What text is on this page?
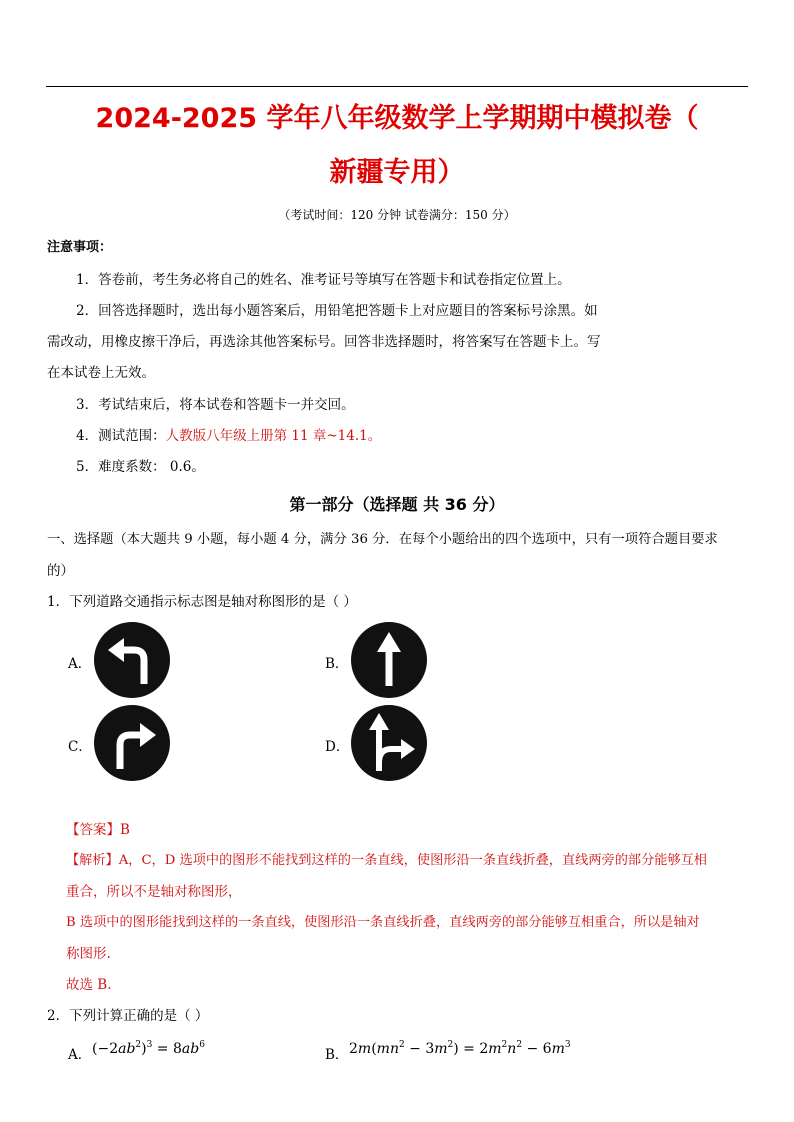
2024-2025 学年八年级数学上学期期中模拟卷（
新疆专用）
（考试时间：120 分钟 试卷满分：150 分）
注意事项：
1．答卷前，考生务必将自己的姓名、准考证号等填写在答题卡和试卷指定位置上。
2．回答选择题时，选出每小题答案后，用铅笔把答题卡上对应题目的答案标号涂黑。如
需改动，用橡皮擦干净后，再选涂其他答案标号。回答非选择题时，将答案写在答题卡上。写
在本试卷上无效。
3．考试结束后，将本试卷和答题卡一并交回。
4．测试范围：人教版八年级上册第 11 章~14.1。
5．难度系数： 0.6。
第一部分（选择题 共 36 分）
一、选择题（本大题共 9 小题，每小题 4 分，满分 36 分．在每个小题给出的四个选项中，只有一项符合题目要求
的）
1．下列道路交通指示标志图是轴对称图形的是（ ）
A．	B．
C．	D．
【答案】B
【解析】A，C，D 选项中的图形不能找到这样的一条直线，使图形沿一条直线折叠，直线两旁的部分能够互相
重合，所以不是轴对称图形，
B 选项中的图形能找到这样的一条直线，使图形沿一条直线折叠，直线两旁的部分能够互相重合，所以是轴对
称图形.
故选 B.
2．下列计算正确的是（ ）
A． $(-2ab^2)^3 = 8ab^6$
B． $2m(mn^2 - 3m^2) = 2m^2n^2 - 6m^3$
